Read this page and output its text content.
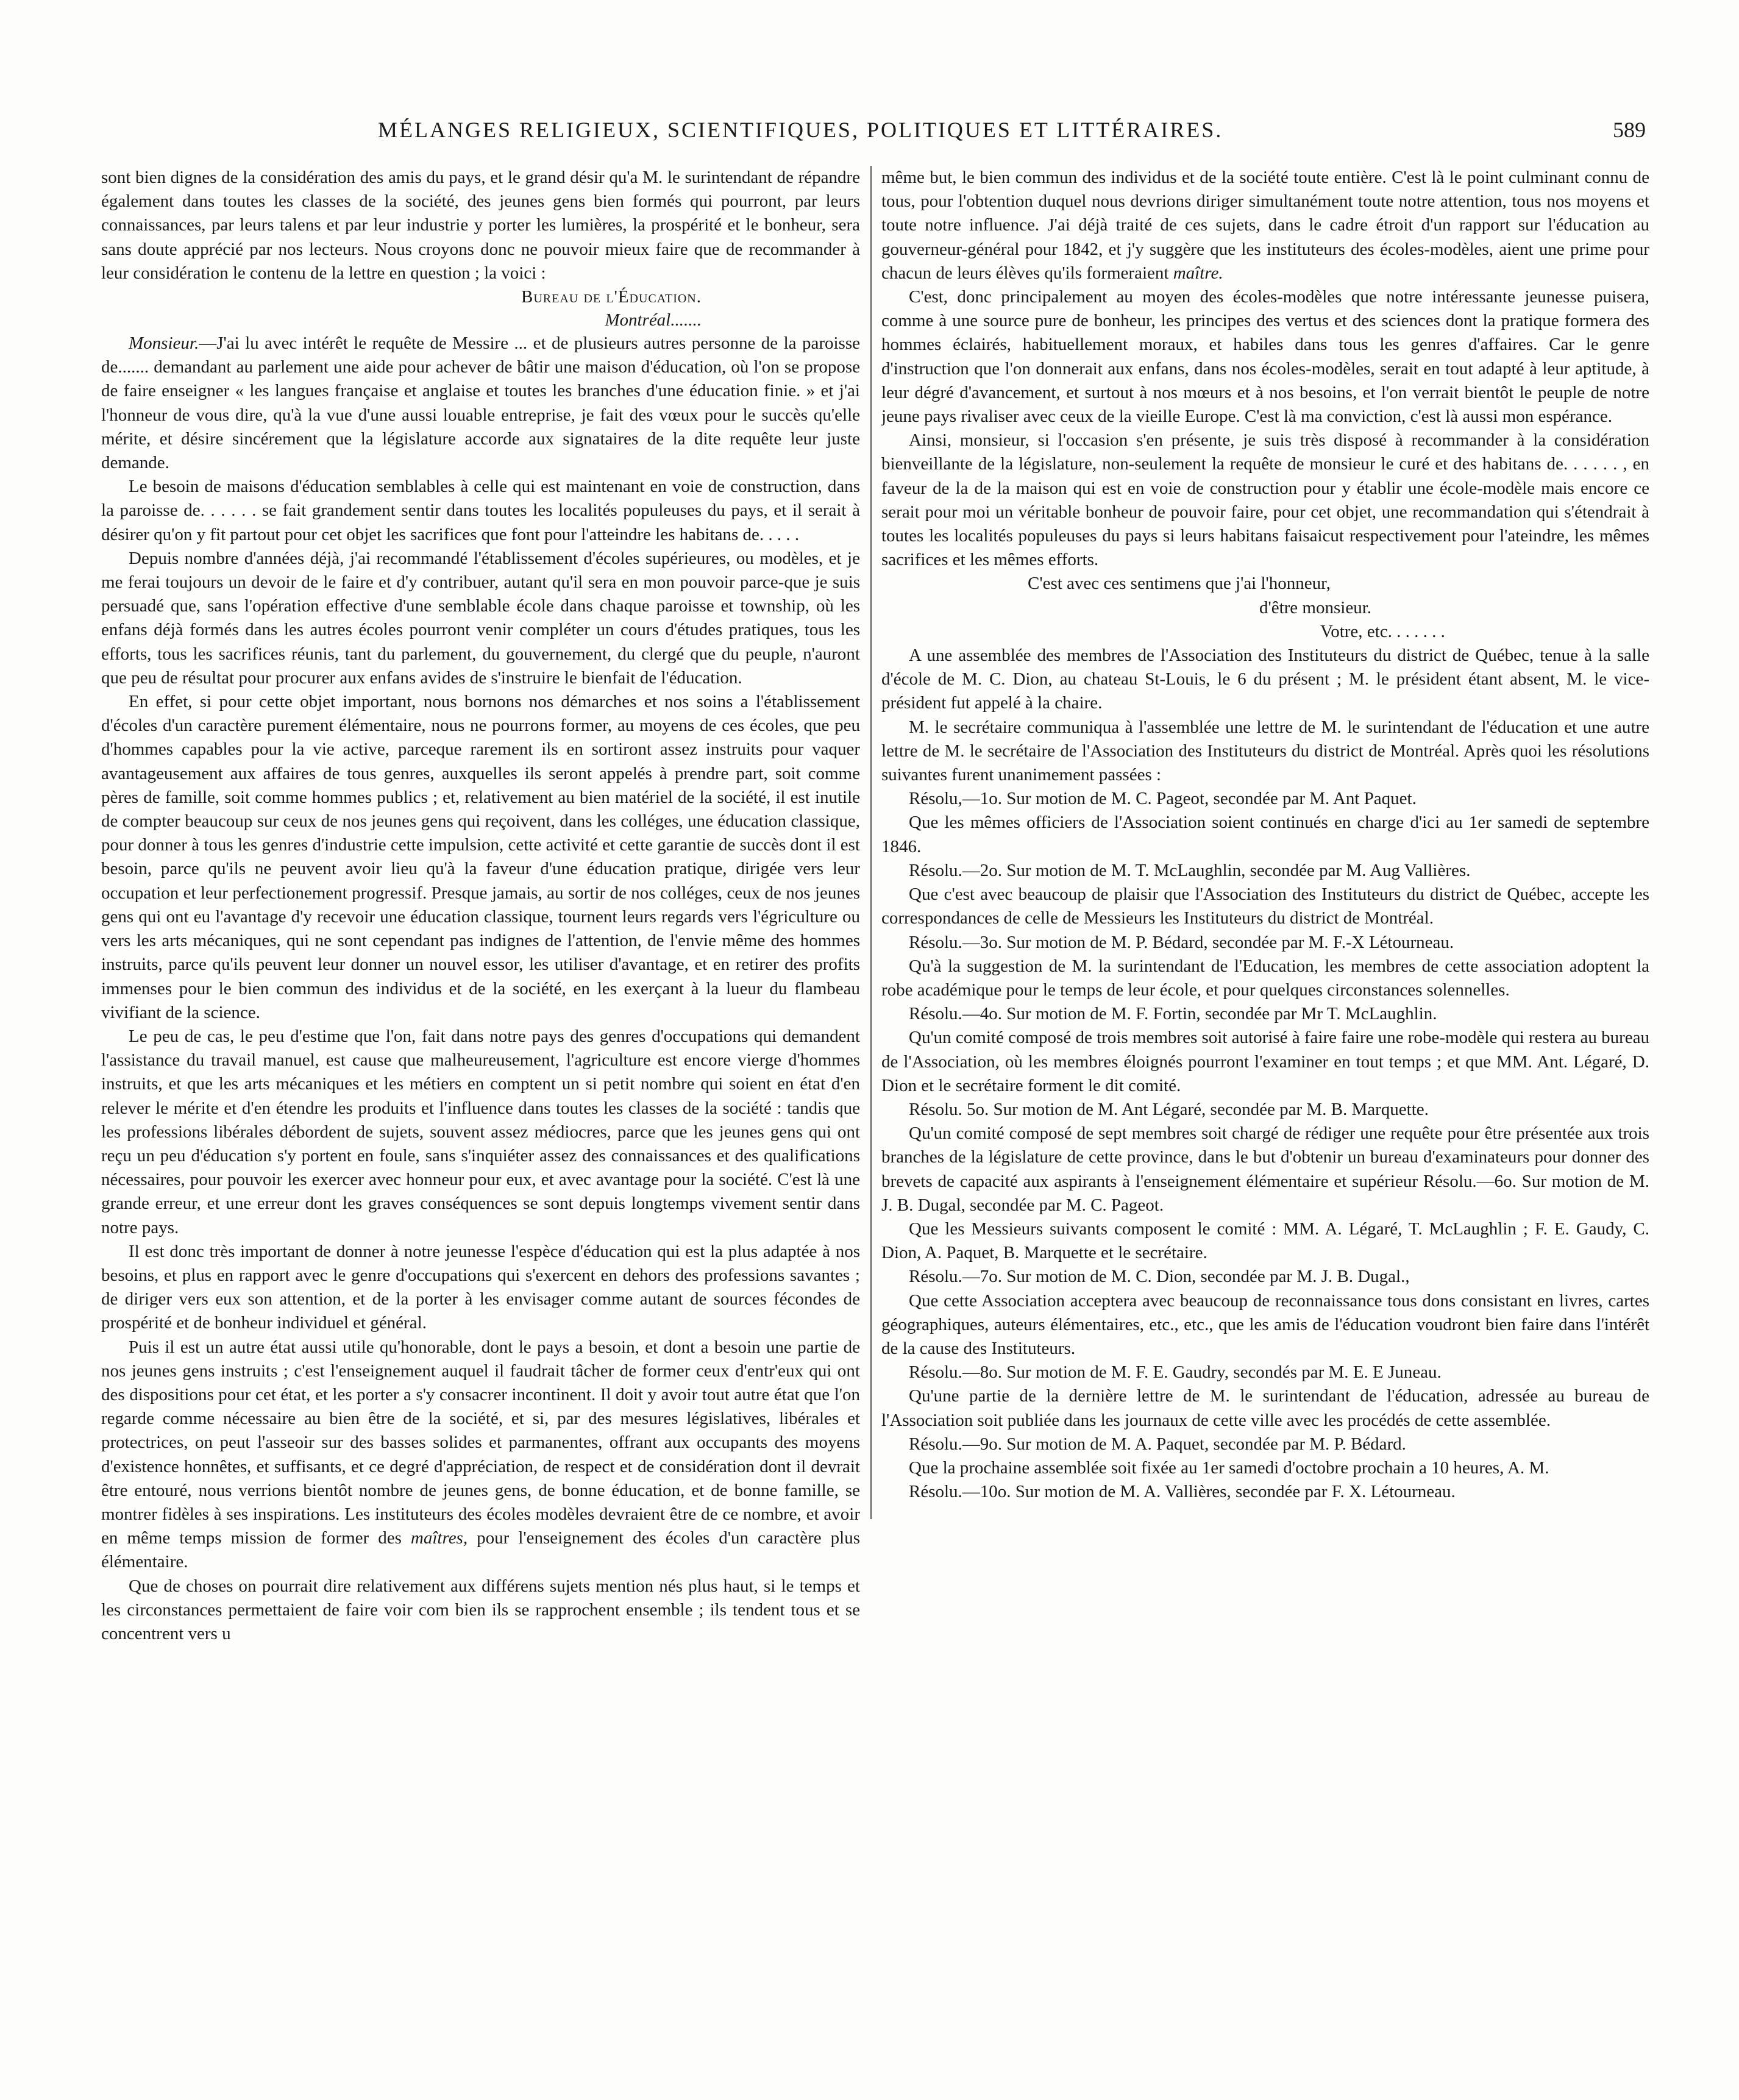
MÉLANGES RELIGIEUX, SCIENTIFIQUES, POLITIQUES ET LITTÉRAIRES.	589

sont bien dignes de la considération des amis du pays, et le grand désir qu'a M. le surintendant de répandre également dans toutes les classes de la société, des jeunes gens bien formés qui pourront, par leurs connaissances, par leurs talens et par leur industrie y porter les lumières, la prospérité et le bonheur, sera sans doute apprécié par nos lecteurs. Nous croyons donc ne pouvoir mieux faire que de recommander à leur considération le contenu de la lettre en question ; la voici :

Bureau de l'Éducation.
Montréal.......

Monsieur.—J'ai lu avec intérêt le requête de Messire ... et de plusieurs autres personne de la paroisse de....... demandant au parlement une aide pour achever de bâtir une maison d'éducation, où l'on se propose de faire enseigner « les langues française et anglaise et toutes les branches d'une éducation finie. » et j'ai l'honneur de vous dire, qu'à la vue d'une aussi louable entreprise, je fait des vœux pour le succès qu'elle mérite, et désire sincérement que la législature accorde aux signataires de la dite requête leur juste demande.

Le besoin de maisons d'éducation semblables à celle qui est maintenant en voie de construction, dans la paroisse de. . . . . . se fait grandement sentir dans toutes les localités populeuses du pays, et il serait à désirer qu'on y fit partout pour cet objet les sacrifices que font pour l'atteindre les habitans de. . . . .

Depuis nombre d'années déjà, j'ai recommandé l'établissement d'écoles supérieures, ou modèles, et je me ferai toujours un devoir de le faire et d'y contribuer, autant qu'il sera en mon pouvoir parce-que je suis persuadé que, sans l'opération effective d'une semblable école dans chaque paroisse et township, où les enfans déjà formés dans les autres écoles pourront venir compléter un cours d'études pratiques, tous les efforts, tous les sacrifices réunis, tant du parlement, du gouvernement, du clergé que du peuple, n'auront que peu de résultat pour procurer aux enfans avides de s'instruire le bienfait de l'éducation.

En effet, si pour cette objet important, nous bornons nos démarches et nos soins a l'établissement d'écoles d'un caractère purement élémentaire, nous ne pourrons former, au moyens de ces écoles, que peu d'hommes capables pour la vie active, parceque rarement ils en sortiront assez instruits pour vaquer avantageusement aux affaires de tous genres, auxquelles ils seront appelés à prendre part, soit comme pères de famille, soit comme hommes publics ; et, relativement au bien matériel de la société, il est inutile de compter beaucoup sur ceux de nos jeunes gens qui reçoivent, dans les colléges, une éducation classique, pour donner à tous les genres d'industrie cette impulsion, cette activité et cette garantie de succès dont il est besoin, parce qu'ils ne peuvent avoir lieu qu'à la faveur d'une éducation pratique, dirigée vers leur occupation et leur perfectionement progressif. Presque jamais, au sortir de nos colléges, ceux de nos jeunes gens qui ont eu l'avantage d'y recevoir une éducation classique, tournent leurs regards vers l'égriculture ou vers les arts mécaniques, qui ne sont cependant pas indignes de l'attention, de l'envie même des hommes instruits, parce qu'ils peuvent leur donner un nouvel essor, les utiliser d'avantage, et en retirer des profits immenses pour le bien commun des individus et de la société, en les exerçant à la lueur du flambeau vivifiant de la science.

Le peu de cas, le peu d'estime que l'on, fait dans notre pays des genres d'occupations qui demandent l'assistance du travail manuel, est cause que malheureusement, l'agriculture est encore vierge d'hommes instruits, et que les arts mécaniques et les métiers en comptent un si petit nombre qui soient en état d'en relever le mérite et d'en étendre les produits et l'influence dans toutes les classes de la société : tandis que les professions libérales débordent de sujets, souvent assez médiocres, parce que les jeunes gens qui ont reçu un peu d'éducation s'y portent en foule, sans s'inquiéter assez des connaissances et des qualifications nécessaires, pour pouvoir les exercer avec honneur pour eux, et avec avantage pour la société. C'est là une grande erreur, et une erreur dont les graves conséquences se sont depuis longtemps vivement sentir dans notre pays.

Il est donc très important de donner à notre jeunesse l'espèce d'éducation qui est la plus adaptée à nos besoins, et plus en rapport avec le genre d'occupations qui s'exercent en dehors des professions savantes ; de diriger vers eux son attention, et de la porter à les envisager comme autant de sources fécondes de prospérité et de bonheur individuel et général.

Puis il est un autre état aussi utile qu'honorable, dont le pays a besoin, et dont a besoin une partie de nos jeunes gens instruits ; c'est l'enseignement auquel il faudrait tâcher de former ceux d'entr'eux qui ont des dispositions pour cet état, et les porter a s'y consacrer incontinent. Il doit y avoir tout autre état que l'on regarde comme nécessaire au bien être de la société, et si, par des mesures législatives, libérales et protectrices, on peut l'asseoir sur des basses solides et parmanentes, offrant aux occupants des moyens d'existence honnêtes, et suffisants, et ce degré d'appréciation, de respect et de considération dont il devrait être entouré, nous verrions bientôt nombre de jeunes gens, de bonne éducation, et de bonne famille, se montrer fidèles à ses inspirations. Les instituteurs des écoles modèles devraient être de ce nombre, et avoir en même temps mission de former des maîtres, pour l'enseignement des écoles d'un caractère plus élémentaire.

Que de choses on pourrait dire relativement aux différens sujets mention nés plus haut, si le temps et les circonstances permettaient de faire voir com bien ils se rapprochent ensemble ; ils tendent tous et se concentrent vers u

même but, le bien commun des individus et de la société toute entière. C'est là le point culminant connu de tous, pour l'obtention duquel nous devrions diriger simultanément toute notre attention, tous nos moyens et toute notre influence. J'ai déjà traité de ces sujets, dans le cadre étroit d'un rapport sur l'éducation au gouverneur-général pour 1842, et j'y suggère que les instituteurs des écoles-modèles, aient une prime pour chacun de leurs élèves qu'ils formeraient maître.

C'est, donc principalement au moyen des écoles-modèles que notre intéressante jeunesse puisera, comme à une source pure de bonheur, les principes des vertus et des sciences dont la pratique formera des hommes éclairés, habituellement moraux, et habiles dans tous les genres d'affaires. Car le genre d'instruction que l'on donnerait aux enfans, dans nos écoles-modèles, serait en tout adapté à leur aptitude, à leur dégré d'avancement, et surtout à nos mœurs et à nos besoins, et l'on verrait bientôt le peuple de notre jeune pays rivaliser avec ceux de la vieille Europe. C'est là ma conviction, c'est là aussi mon espérance.

Ainsi, monsieur, si l'occasion s'en présente, je suis très disposé à recommander à la considération bienveillante de la législature, non-seulement la requête de monsieur le curé et des habitans de. . . . . . , en faveur de la de la maison qui est en voie de construction pour y établir une école-modèle mais encore ce serait pour moi un véritable bonheur de pouvoir faire, pour cet objet, une recommandation qui s'étendrait à toutes les localités populeuses du pays si leurs habitans faisaicut respectivement pour l'ateindre, les mêmes sacrifices et les mêmes efforts.

C'est avec ces sentimens que j'ai l'honneur,

d'être monsieur.

Votre, etc. . . . . . .

A une assemblée des membres de l'Association des Instituteurs du district de Québec, tenue à la salle d'école de M. C. Dion, au chateau St-Louis, le 6 du présent ; M. le président étant absent, M. le vice-président fut appelé à la chaire.

M. le secrétaire communiqua à l'assemblée une lettre de M. le surintendant de l'éducation et une autre lettre de M. le secrétaire de l'Association des Instituteurs du district de Montréal. Après quoi les résolutions suivantes furent unanimement passées :

Résolu,—1o. Sur motion de M. C. Pageot, secondée par M. Ant Paquet.

Que les mêmes officiers de l'Association soient continués en charge d'ici au 1er samedi de septembre 1846.

Résolu.—2o. Sur motion de M. T. McLaughlin, secondée par M. Aug Vallières.

Que c'est avec beaucoup de plaisir que l'Association des Instituteurs du district de Québec, accepte les correspondances de celle de Messieurs les Instituteurs du district de Montréal.

Résolu.—3o. Sur motion de M. P. Bédard, secondée par M. F.-X Létourneau.

Qu'à la suggestion de M. la surintendant de l'Education, les membres de cette association adoptent la robe académique pour le temps de leur école, et pour quelques circonstances solennelles.

Résolu.—4o. Sur motion de M. F. Fortin, secondée par Mr T. McLaughlin.

Qu'un comité composé de trois membres soit autorisé à faire faire une robe-modèle qui restera au bureau de l'Association, où les membres éloignés pourront l'examiner en tout temps ; et que MM. Ant. Légaré, D. Dion et le secrétaire forment le dit comité.

Résolu. 5o. Sur motion de M. Ant Légaré, secondée par M. B. Marquette.

Qu'un comité composé de sept membres soit chargé de rédiger une requête pour être présentée aux trois branches de la législature de cette province, dans le but d'obtenir un bureau d'examinateurs pour donner des brevets de capacité aux aspirants à l'enseignement élémentaire et supérieur Résolu.—6o. Sur motion de M. J. B. Dugal, secondée par M. C. Pageot.

Que les Messieurs suivants composent le comité : MM. A. Légaré, T. McLaughlin ; F. E. Gaudy, C. Dion, A. Paquet, B. Marquette et le secrétaire.

Résolu.—7o. Sur motion de M. C. Dion, secondée par M. J. B. Dugal.,

Que cette Association acceptera avec beaucoup de reconnaissance tous dons consistant en livres, cartes géographiques, auteurs élémentaires, etc., etc., que les amis de l'éducation voudront bien faire dans l'intérêt de la cause des Instituteurs.

Résolu.—8o. Sur motion de M. F. E. Gaudry, secondés par M. E. E Juneau.

Qu'une partie de la dernière lettre de M. le surintendant de l'éducation, adressée au bureau de l'Association soit publiée dans les journaux de cette ville avec les procédés de cette assemblée.

Résolu.—9o. Sur motion de M. A. Paquet, secondée par M. P. Bédard.

Que la prochaine assemblée soit fixée au 1er samedi d'octobre prochain a 10 heures, A. M.

Résolu.—10o. Sur motion de M. A. Vallières, secondée par F. X. Létourneau.
